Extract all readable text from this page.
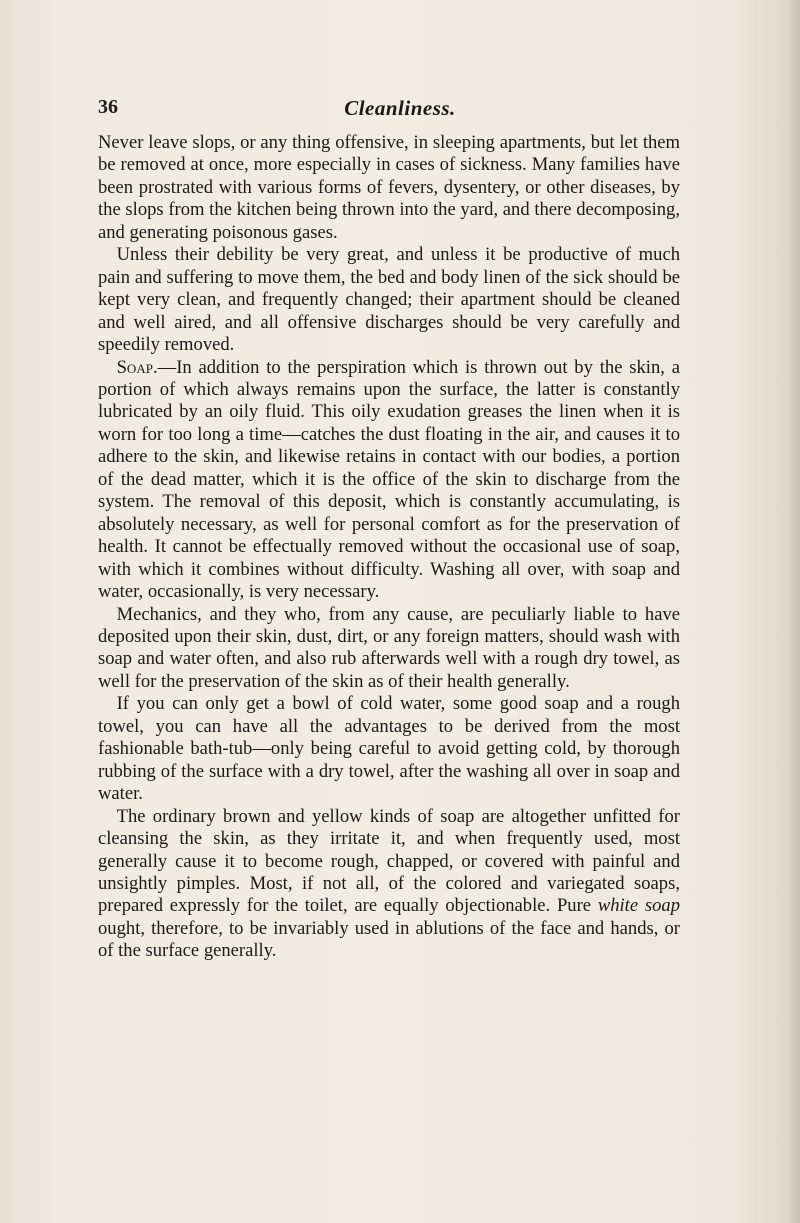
36	Cleanliness.

Never leave slops, or any thing offensive, in sleeping apartments, but let them be removed at once, more especially in cases of sickness. Many families have been prostrated with various forms of fevers, dysentery, or other diseases, by the slops from the kitchen being thrown into the yard, and there decomposing, and generating poisonous gases.

Unless their debility be very great, and unless it be productive of much pain and suffering to move them, the bed and body linen of the sick should be kept very clean, and frequently changed; their apartment should be cleaned and well aired, and all offensive discharges should be very carefully and speedily removed.

Soap.—In addition to the perspiration which is thrown out by the skin, a portion of which always remains upon the surface, the latter is constantly lubricated by an oily fluid. This oily exudation greases the linen when it is worn for too long a time—catches the dust floating in the air, and causes it to adhere to the skin, and likewise retains in contact with our bodies, a portion of the dead matter, which it is the office of the skin to discharge from the system. The removal of this deposit, which is constantly accumulating, is absolutely necessary, as well for personal comfort as for the preservation of health. It cannot be effectually removed without the occasional use of soap, with which it combines without difficulty. Washing all over, with soap and water, occasionally, is very necessary.

Mechanics, and they who, from any cause, are peculiarly liable to have deposited upon their skin, dust, dirt, or any foreign matters, should wash with soap and water often, and also rub afterwards well with a rough dry towel, as well for the preservation of the skin as of their health generally.

If you can only get a bowl of cold water, some good soap and a rough towel, you can have all the advantages to be derived from the most fashionable bath-tub—only being careful to avoid getting cold, by thorough rubbing of the surface with a dry towel, after the washing all over in soap and water.

The ordinary brown and yellow kinds of soap are altogether unfitted for cleansing the skin, as they irritate it, and when frequently used, most generally cause it to become rough, chapped, or covered with painful and unsightly pimples. Most, if not all, of the colored and variegated soaps, prepared expressly for the toilet, are equally objectionable. Pure white soap ought, therefore, to be invariably used in ablutions of the face and hands, or of the surface generally.
